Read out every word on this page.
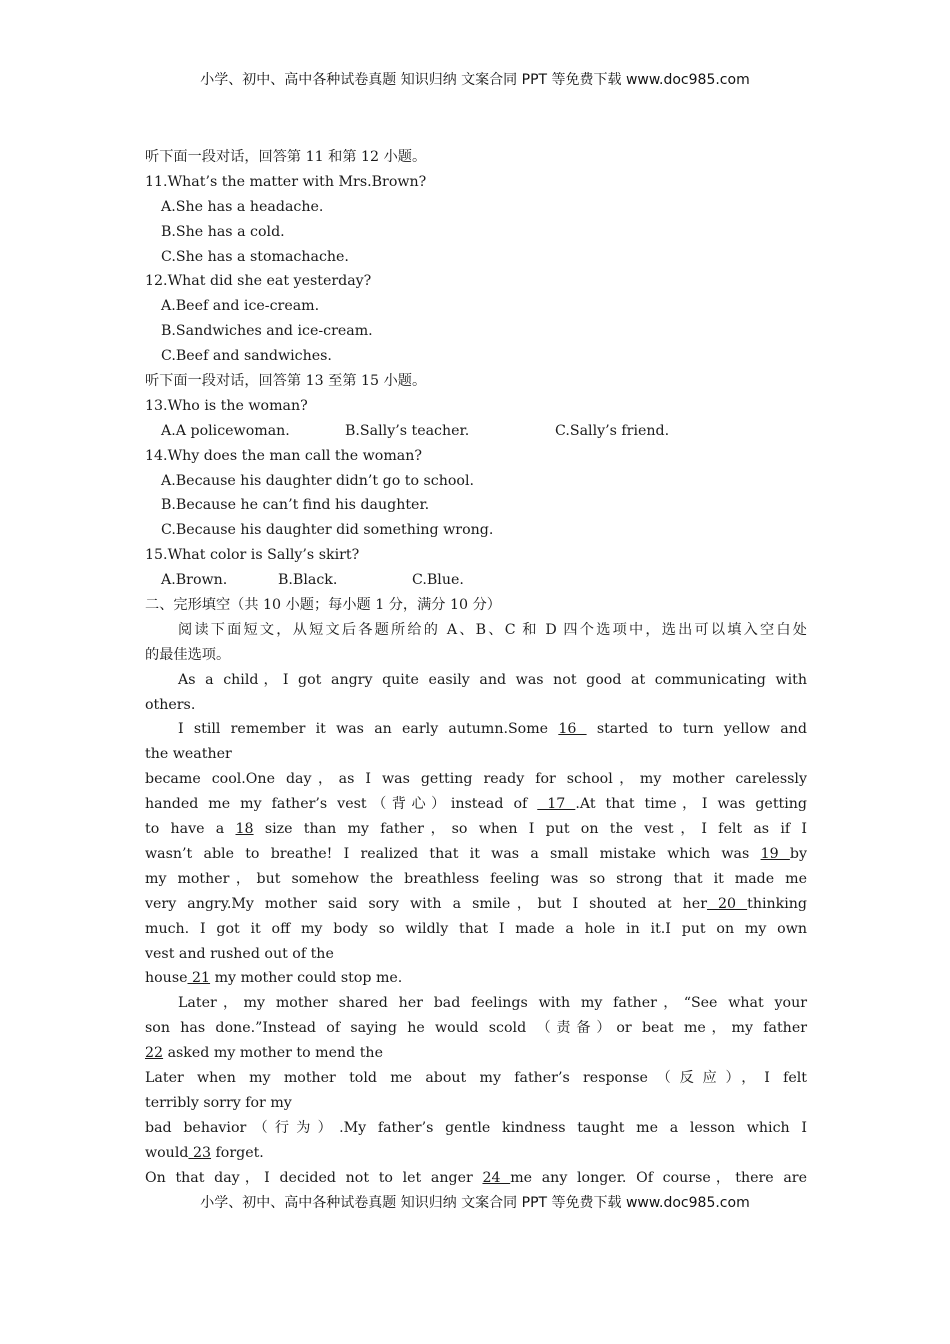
小学、初中、高中各种试卷真题 知识归纳 文案合同 PPT 等免费下载 www.doc985.com
听下面一段对话，回答第 11 和第 12 小题。
11.What’s the matter with Mrs.Brown?
A.She has a headache.
B.She has a cold.
C.She has a stomachache.
12.What did she eat yesterday?
A.Beef and ice-cream.
B.Sandwiches and ice-cream.
C.Beef and sandwiches.
听下面一段对话，回答第 13 至第 15 小题。
13.Who is the woman?
A.A policewoman.	B.Sally’s teacher.	C.Sally’s friend.
14.Why does the man call the woman?
A.Because his daughter didn’t go to school.
B.Because he can’t find his daughter.
C.Because his daughter did something wrong.
15.What color is Sally’s skirt?
A.Brown.	B.Black.	C.Blue.
二、完形填空（共 10 小题；每小题 1 分，满分 10 分）
阅读下面短文，从短文后各题所给的 A、B、C 和 D 四个选项中，选出可以填入空白处
的最佳选项。
As a child，I got angry quite easily and was not good at communicating with
others.
I still remember it was an early autumn.Some 16  started to turn yellow and
the weather
became cool.One day，as I was getting ready for school，my mother carelessly
handed me my father’s vest（背心）instead of  17 .At that time，I was getting
to have a 18 size than my father，so when I put on the vest，I felt as if I
wasn’t able to breathe! I realized that it was a small mistake which was 19 by
my mother，but somehow the breathless feeling was so strong that it made me
very angry.My mother said sory with a smile，but I shouted at her 20 thinking
much. I got it off my body so wildly that I made a hole in it.I put on my own
vest and rushed out of the
house 21 my mother could stop me.
Later，my mother shared her bad feelings with my father，“See what your
son has done.”Instead of saying he would scold （责备）or beat me，my father
22 asked my mother to mend the
Later when my mother told me about my father’s response（反应），I felt
terribly sorry for my
bad behavior（行为）.My father’s gentle kindness taught me a lesson which I
would 23 forget.
On that day，I decided not to let anger 24 me any longer. Of course，there are
小学、初中、高中各种试卷真题 知识归纳 文案合同 PPT 等免费下载 www.doc985.com
